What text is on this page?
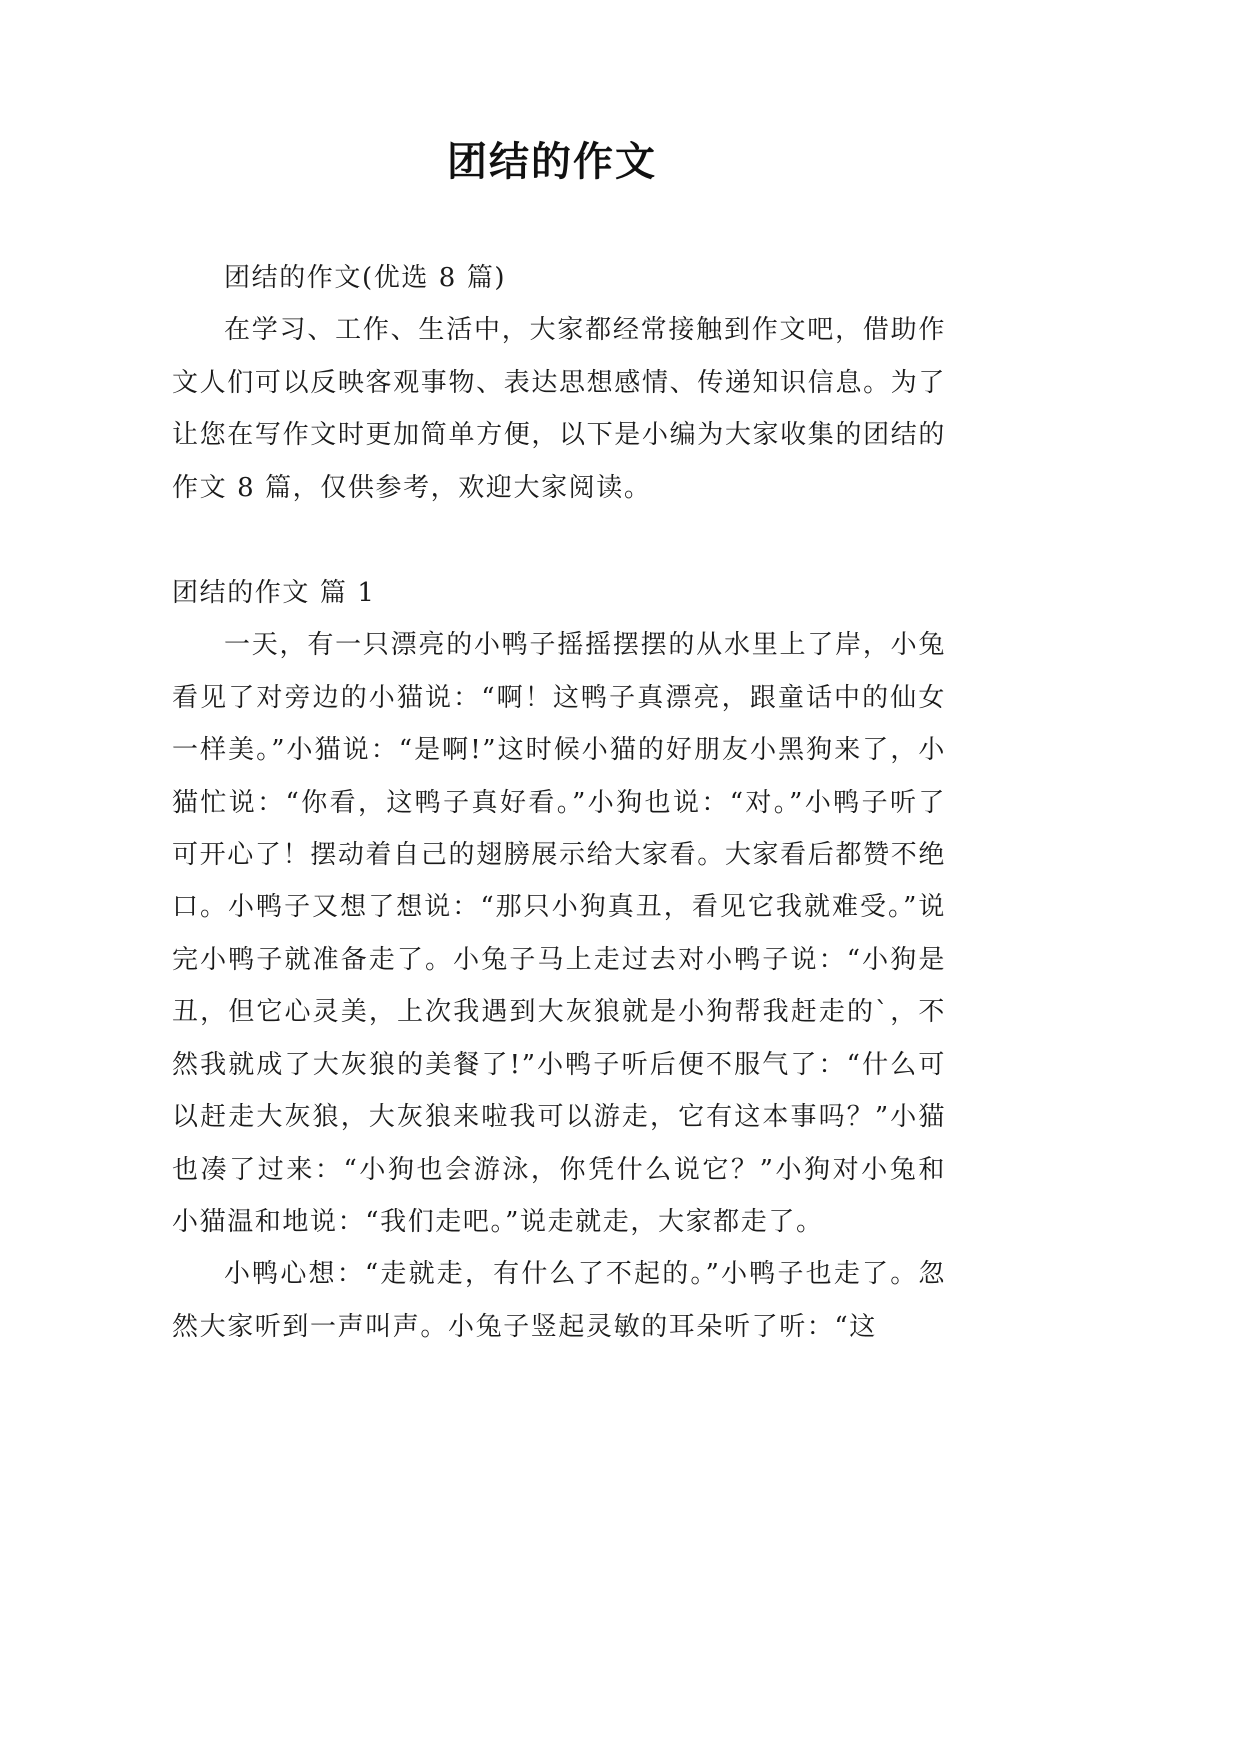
团结的作文

团结的作文(优选 8 篇)

在学习、工作、生活中，大家都经常接触到作文吧，借助作文人们可以反映客观事物、表达思想感情、传递知识信息。为了让您在写作文时更加简单方便，以下是小编为大家收集的团结的作文 8 篇，仅供参考，欢迎大家阅读。

团结的作文 篇 1

一天，有一只漂亮的小鸭子摇摇摆摆的从水里上了岸，小兔看见了对旁边的小猫说：“啊！这鸭子真漂亮，跟童话中的仙女一样美。”小猫说：“是啊!”这时候小猫的好朋友小黑狗来了，小猫忙说：“你看，这鸭子真好看。”小狗也说：“对。”小鸭子听了可开心了！摆动着自己的翅膀展示给大家看。大家看后都赞不绝口。小鸭子又想了想说：“那只小狗真丑，看见它我就难受。”说完小鸭子就准备走了。小兔子马上走过去对小鸭子说：“小狗是丑，但它心灵美，上次我遇到大灰狼就是小狗帮我赶走的`，不然我就成了大灰狼的美餐了!”小鸭子听后便不服气了：“什么可以赶走大灰狼，大灰狼来啦我可以游走，它有这本事吗？”小猫也凑了过来：“小狗也会游泳，你凭什么说它？”小狗对小兔和小猫温和地说：“我们走吧。”说走就走，大家都走了。

小鸭心想：“走就走，有什么了不起的。”小鸭子也走了。忽然大家听到一声叫声。小兔子竖起灵敏的耳朵听了听：“这
